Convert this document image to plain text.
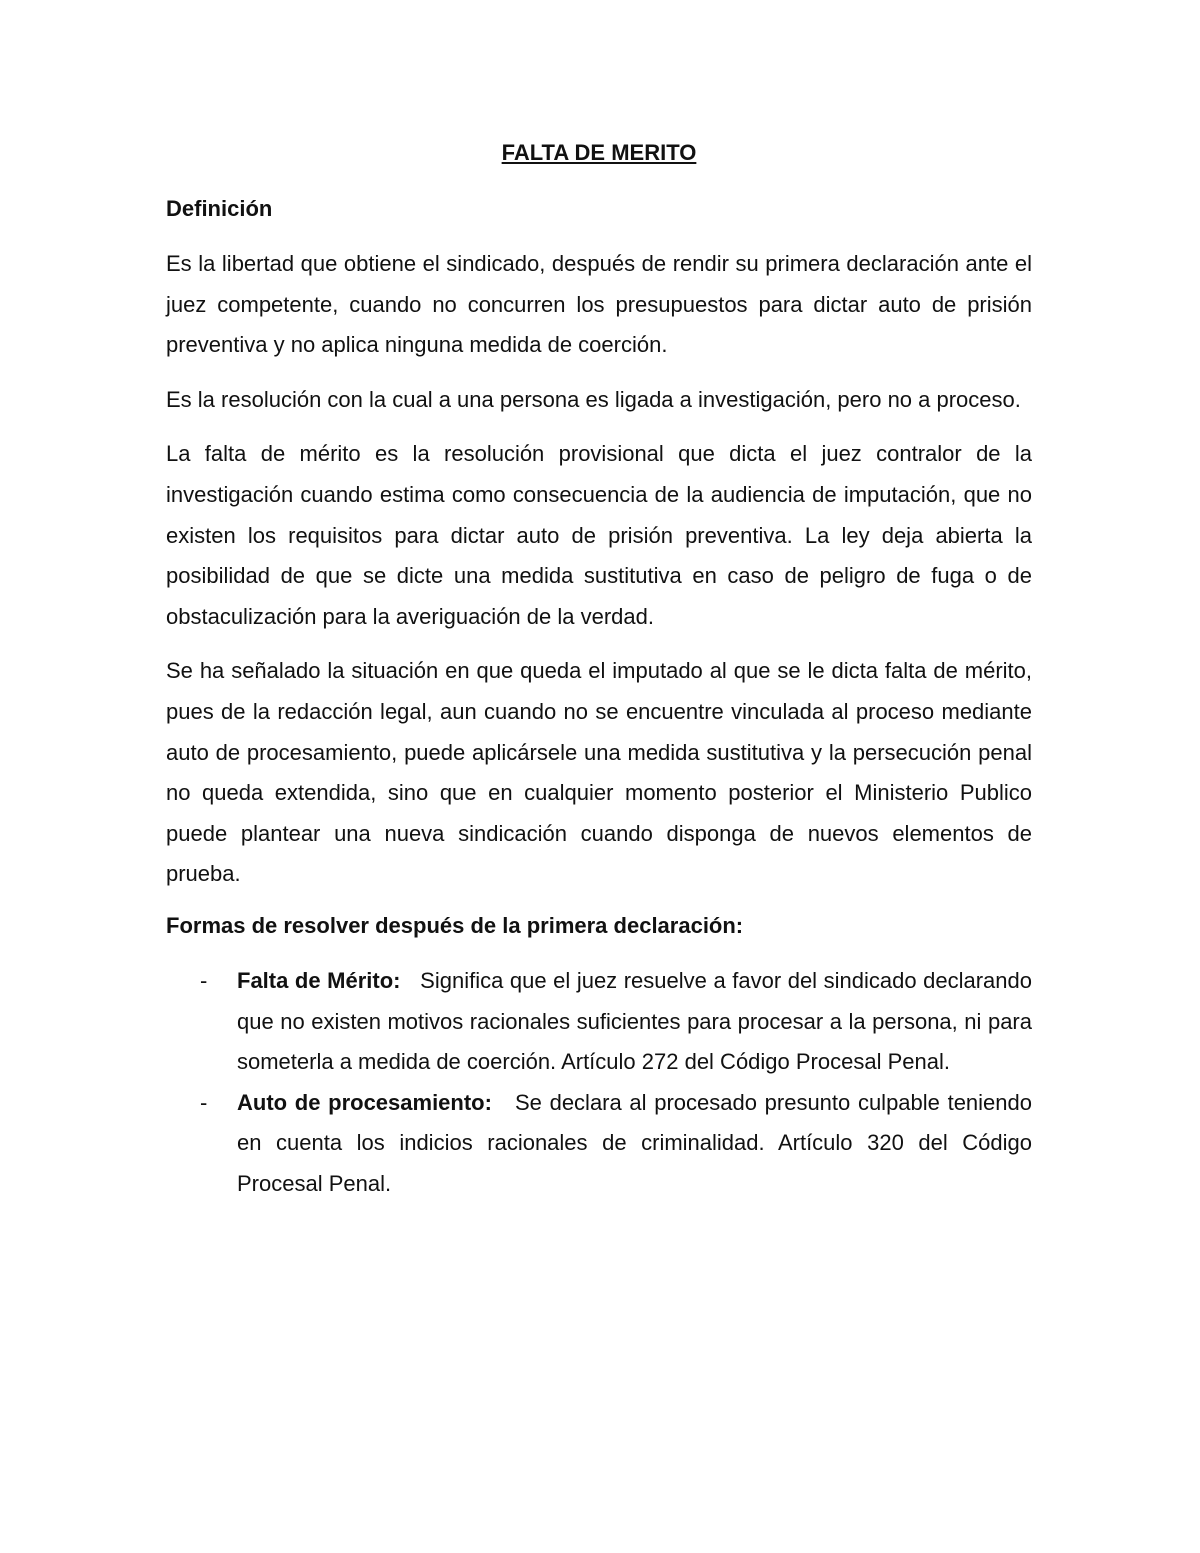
FALTA DE MERITO
Definición

Es la libertad que obtiene el sindicado, después de rendir su primera declaración ante el juez competente, cuando no concurren los presupuestos para dictar auto de prisión preventiva y no aplica ninguna medida de coerción.

Es la resolución con la cual a una persona es ligada a investigación, pero no a proceso.

La falta de mérito es la resolución provisional que dicta el juez contralor de la investigación cuando estima como consecuencia de la audiencia de imputación, que no existen los requisitos para dictar auto de prisión preventiva. La ley deja abierta la posibilidad de que se dicte una medida sustitutiva en caso de peligro de fuga o de obstaculización para la averiguación de la verdad.

Se ha señalado la situación en que queda el imputado al que se le dicta falta de mérito, pues de la redacción legal, aun cuando no se encuentre vinculada al proceso mediante auto de procesamiento, puede aplicársele una medida sustitutiva y la persecución penal no queda extendida, sino que en cualquier momento posterior el Ministerio Publico puede plantear una nueva sindicación cuando disponga de nuevos elementos de prueba.

Formas de resolver después de la primera declaración:
- Falta de Mérito: Significa que el juez resuelve a favor del sindicado declarando que no existen motivos racionales suficientes para procesar a la persona, ni para someterla a medida de coerción. Artículo 272 del Código Procesal Penal.
- Auto de procesamiento: Se declara al procesado presunto culpable teniendo en cuenta los indicios racionales de criminalidad. Artículo 320 del Código Procesal Penal.
